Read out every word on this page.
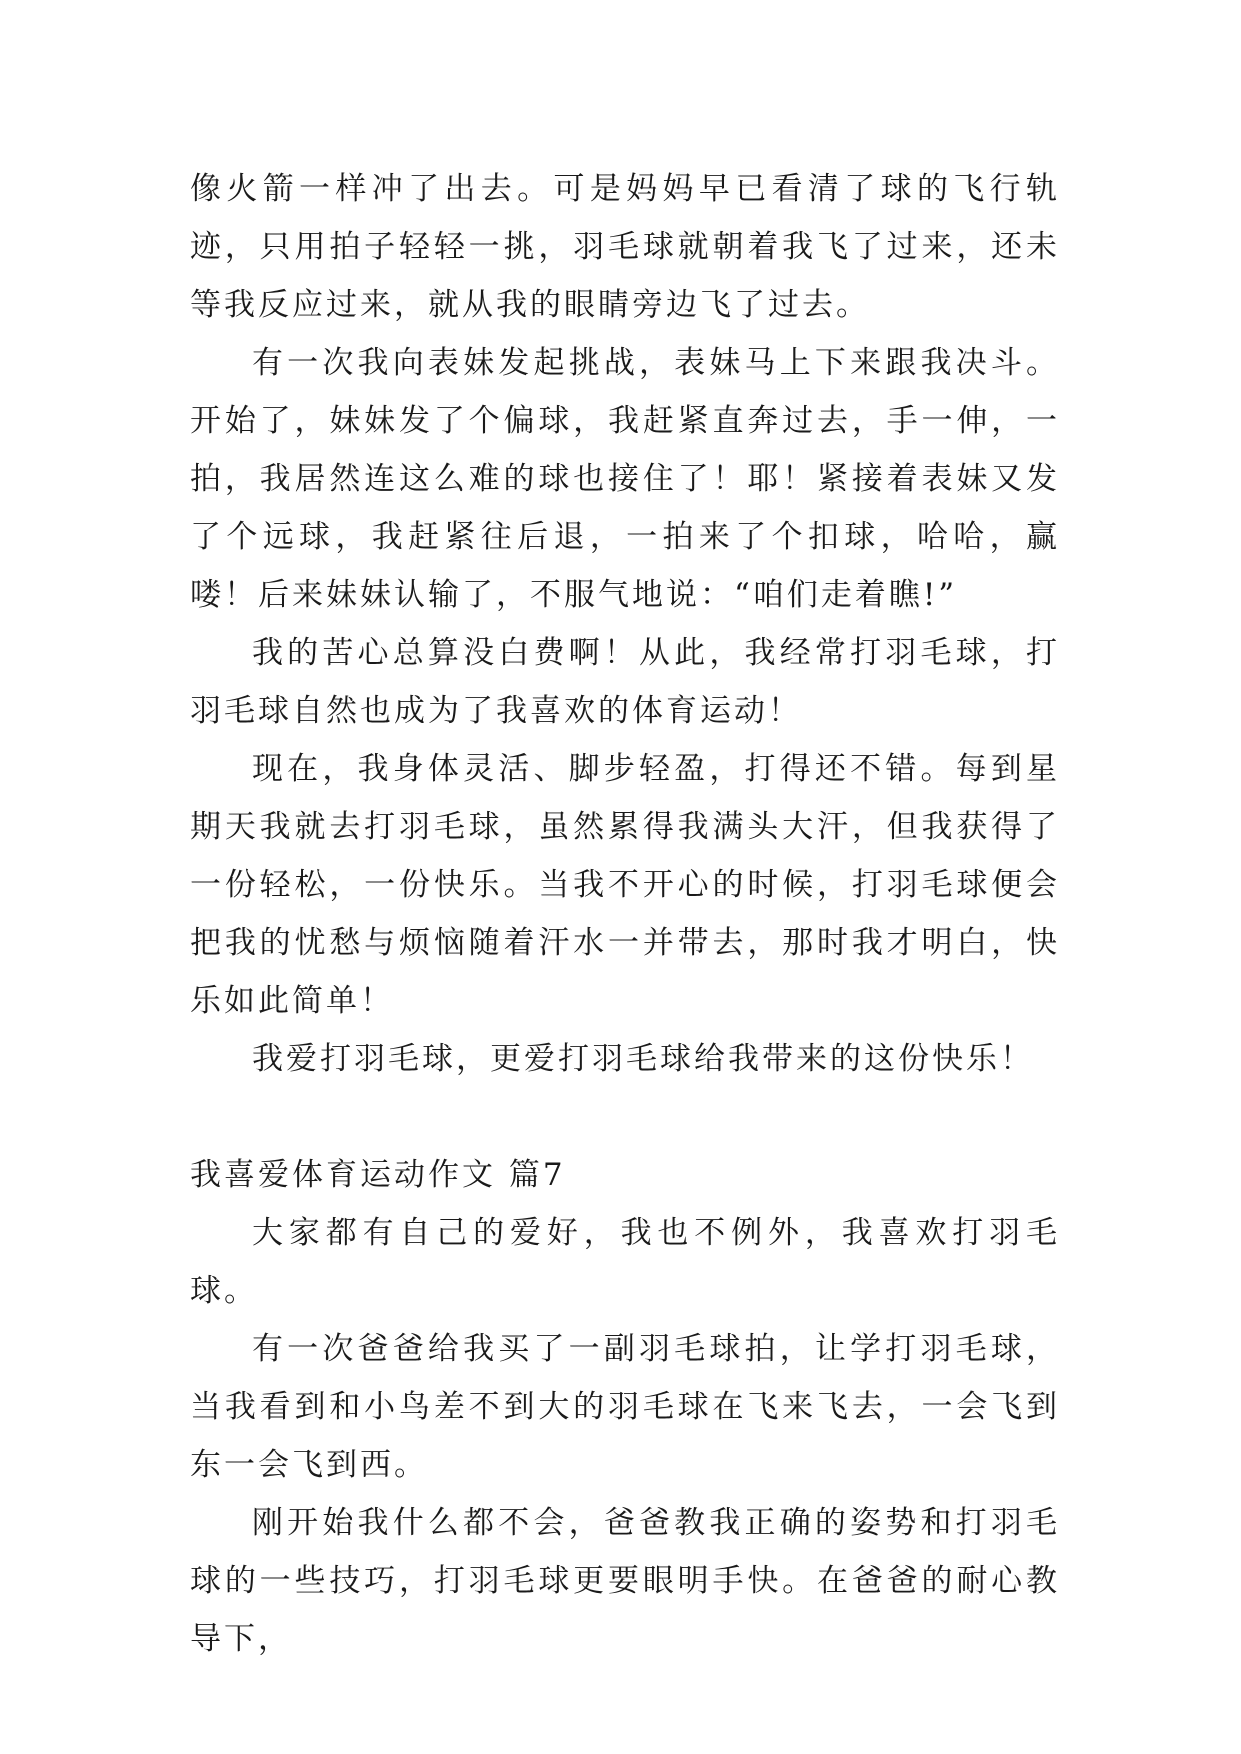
像火箭一样冲了出去。可是妈妈早已看清了球的飞行轨迹，只用拍子轻轻一挑，羽毛球就朝着我飞了过来，还未等我反应过来，就从我的眼睛旁边飞了过去。

有一次我向表妹发起挑战，表妹马上下来跟我决斗。开始了，妹妹发了个偏球，我赶紧直奔过去，手一伸，一拍，我居然连这么难的球也接住了！耶！紧接着表妹又发了个远球，我赶紧往后退，一拍来了个扣球，哈哈，赢喽！后来妹妹认输了，不服气地说：“咱们走着瞧!”

我的苦心总算没白费啊！从此，我经常打羽毛球，打羽毛球自然也成为了我喜欢的体育运动！

现在，我身体灵活、脚步轻盈，打得还不错。每到星期天我就去打羽毛球，虽然累得我满头大汗，但我获得了一份轻松，一份快乐。当我不开心的时候，打羽毛球便会把我的忧愁与烦恼随着汗水一并带去，那时我才明白，快乐如此简单！

我爱打羽毛球，更爱打羽毛球给我带来的这份快乐！

我喜爱体育运动作文 篇7

大家都有自己的爱好，我也不例外，我喜欢打羽毛球。

有一次爸爸给我买了一副羽毛球拍，让学打羽毛球，当我看到和小鸟差不到大的羽毛球在飞来飞去，一会飞到东一会飞到西。

刚开始我什么都不会，爸爸教我正确的姿势和打羽毛球的一些技巧，打羽毛球更要眼明手快。在爸爸的耐心教导下，
